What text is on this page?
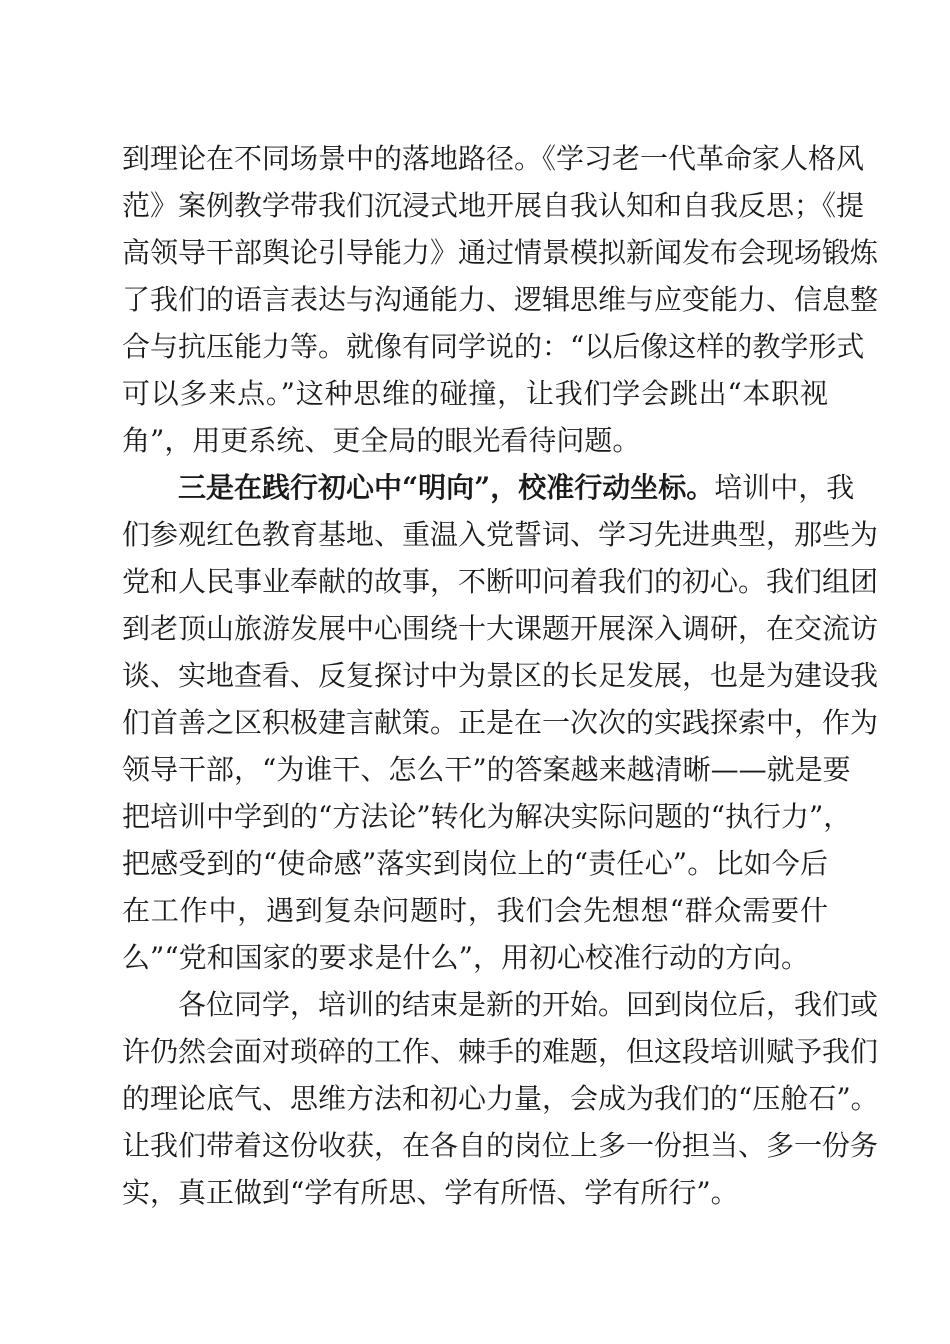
到理论在不同场景中的落地路径。《学习老一代革命家人格风
范》案例教学带我们沉浸式地开展自我认知和自我反思；《提
高领导干部舆论引导能力》通过情景模拟新闻发布会现场锻炼
了我们的语言表达与沟通能力、逻辑思维与应变能力、信息整
合与抗压能力等。就像有同学说的：“以后像这样的教学形式
可以多来点。”这种思维的碰撞，让我们学会跳出“本职视
角”，用更系统、更全局的眼光看待问题。
三是在践行初心中“明向”，校准行动坐标。培训中，我
们参观红色教育基地、重温入党誓词、学习先进典型，那些为
党和人民事业奉献的故事，不断叩问着我们的初心。我们组团
到老顶山旅游发展中心围绕十大课题开展深入调研，在交流访
谈、实地查看、反复探讨中为景区的长足发展，也是为建设我
们首善之区积极建言献策。正是在一次次的实践探索中，作为
领导干部，“为谁干、怎么干”的答案越来越清晰——就是要
把培训中学到的“方法论”转化为解决实际问题的“执行力”，
把感受到的“使命感”落实到岗位上的“责任心”。比如今后
在工作中，遇到复杂问题时，我们会先想想“群众需要什
么”“党和国家的要求是什么”，用初心校准行动的方向。
各位同学，培训的结束是新的开始。回到岗位后，我们或
许仍然会面对琐碎的工作、棘手的难题，但这段培训赋予我们
的理论底气、思维方法和初心力量，会成为我们的“压舱石”。
让我们带着这份收获，在各自的岗位上多一份担当、多一份务
实，真正做到“学有所思、学有所悟、学有所行”。
